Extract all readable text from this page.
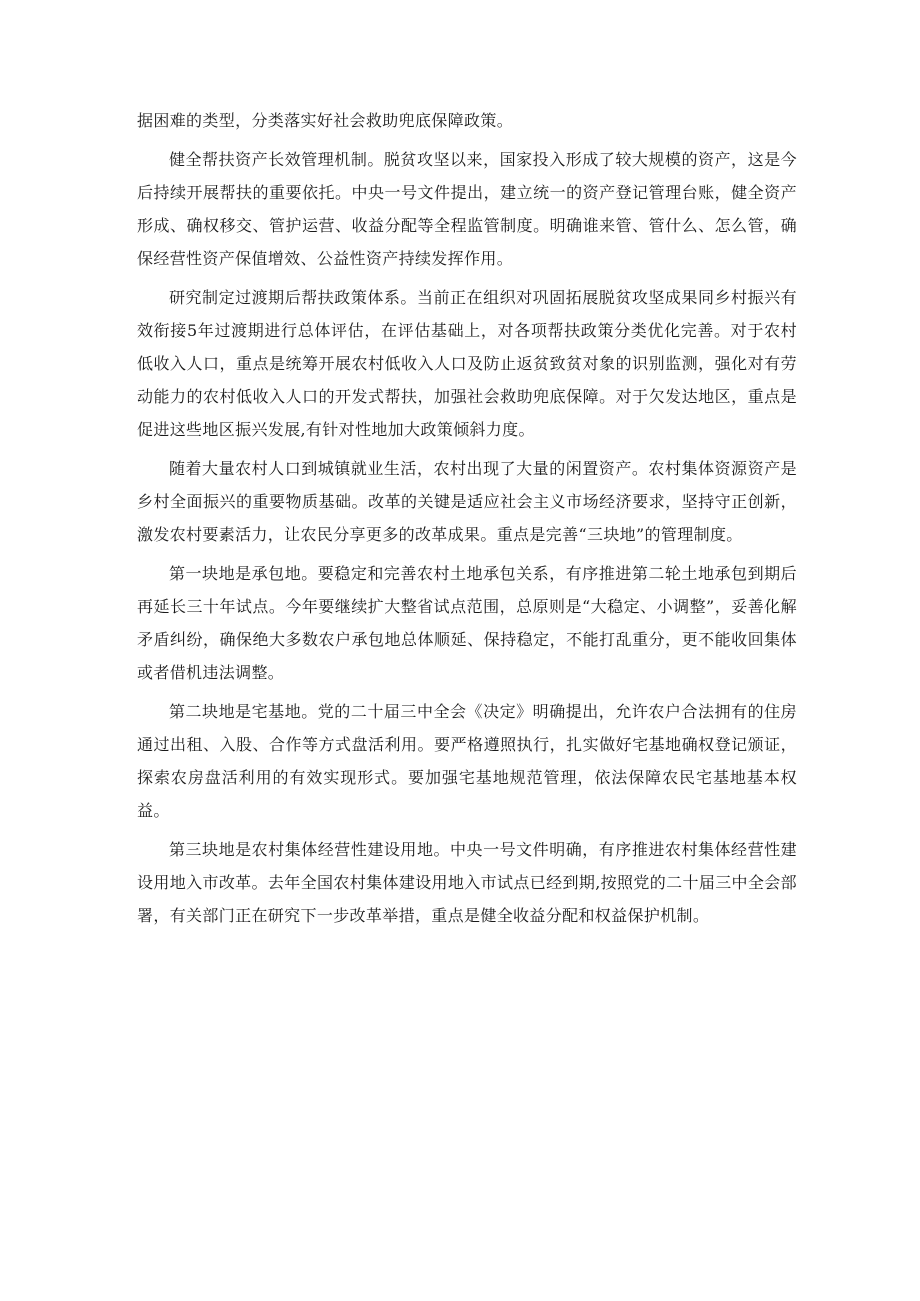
据困难的类型，分类落实好社会救助兜底保障政策。

健全帮扶资产长效管理机制。脱贫攻坚以来，国家投入形成了较大规模的资产，这是今后持续开展帮扶的重要依托。中央一号文件提出，建立统一的资产登记管理台账，健全资产形成、确权移交、管护运营、收益分配等全程监管制度。明确谁来管、管什么、怎么管，确保经营性资产保值增效、公益性资产持续发挥作用。

研究制定过渡期后帮扶政策体系。当前正在组织对巩固拓展脱贫攻坚成果同乡村振兴有效衔接5年过渡期进行总体评估，在评估基础上，对各项帮扶政策分类优化完善。对于农村低收入人口，重点是统筹开展农村低收入人口及防止返贫致贫对象的识别监测，强化对有劳动能力的农村低收入人口的开发式帮扶，加强社会救助兜底保障。对于欠发达地区，重点是促进这些地区振兴发展,有针对性地加大政策倾斜力度。

随着大量农村人口到城镇就业生活，农村出现了大量的闲置资产。农村集体资源资产是乡村全面振兴的重要物质基础。改革的关键是适应社会主义市场经济要求，坚持守正创新，激发农村要素活力，让农民分享更多的改革成果。重点是完善“三块地”的管理制度。

第一块地是承包地。要稳定和完善农村土地承包关系，有序推进第二轮土地承包到期后再延长三十年试点。今年要继续扩大整省试点范围，总原则是“大稳定、小调整”，妥善化解矛盾纠纷，确保绝大多数农户承包地总体顺延、保持稳定，不能打乱重分，更不能收回集体或者借机违法调整。

第二块地是宅基地。党的二十届三中全会《决定》明确提出，允许农户合法拥有的住房通过出租、入股、合作等方式盘活利用。要严格遵照执行，扎实做好宅基地确权登记颁证，探索农房盘活利用的有效实现形式。要加强宅基地规范管理，依法保障农民宅基地基本权益。

第三块地是农村集体经营性建设用地。中央一号文件明确，有序推进农村集体经营性建设用地入市改革。去年全国农村集体建设用地入市试点已经到期,按照党的二十届三中全会部署，有关部门正在研究下一步改革举措，重点是健全收益分配和权益保护机制。
